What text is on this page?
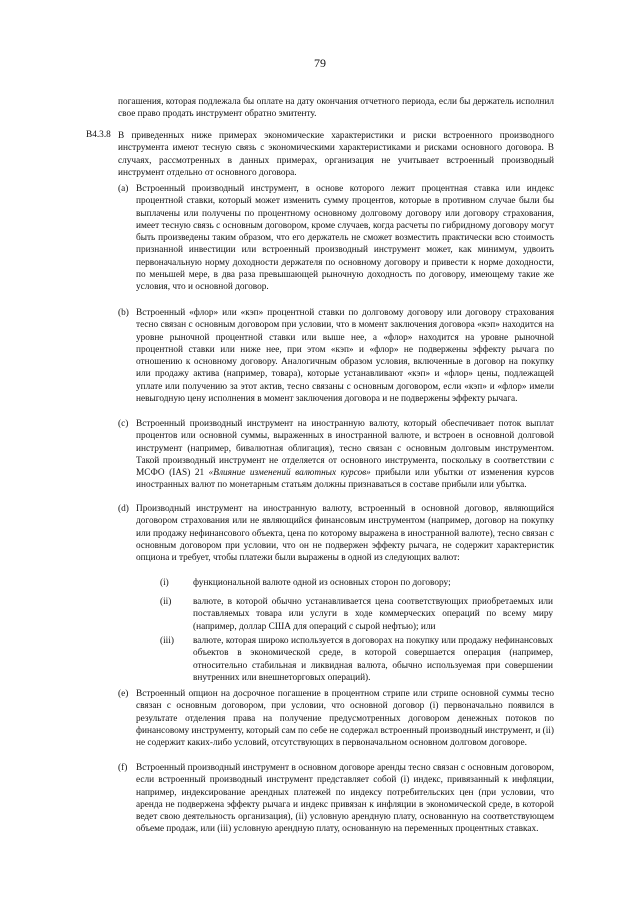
79

погашения, которая подлежала бы оплате на дату окончания отчетного периода, если бы держатель исполнил свое право продать инструмент обратно эмитенту.

B4.3.8 В приведенных ниже примерах экономические характеристики и риски встроенного производного инструмента имеют тесную связь с экономическими характеристиками и рисками основного договора. В случаях, рассмотренных в данных примерах, организация не учитывает встроенный производный инструмент отдельно от основного договора.

(a) Встроенный производный инструмент, в основе которого лежит процентная ставка или индекс процентной ставки, который может изменить сумму процентов, которые в противном случае были бы выплачены или получены по процентному основному долговому договору или договору страхования, имеет тесную связь с основным договором, кроме случаев, когда расчеты по гибридному договору могут быть произведены таким образом, что его держатель не сможет возместить практически всю стоимость признанной инвестиции или встроенный производный инструмент может, как минимум, удвоить первоначальную норму доходности держателя по основному договору и привести к норме доходности, по меньшей мере, в два раза превышающей рыночную доходность по договору, имеющему такие же условия, что и основной договор.

(b) Встроенный «флор» или «кэп» процентной ставки по долговому договору или договору страхования тесно связан с основным договором при условии, что в момент заключения договора «кэп» находится на уровне рыночной процентной ставки или выше нее, а «флор» находится на уровне рыночной процентной ставки или ниже нее, при этом «кэп» и «флор» не подвержены эффекту рычага по отношению к основному договору. Аналогичным образом условия, включенные в договор на покупку или продажу актива (например, товара), которые устанавливают «кэп» и «флор» цены, подлежащей уплате или получению за этот актив, тесно связаны с основным договором, если «кэп» и «флор» имели невыгодную цену исполнения в момент заключения договора и не подвержены эффекту рычага.

(c) Встроенный производный инструмент на иностранную валюту, который обеспечивает поток выплат процентов или основной суммы, выраженных в иностранной валюте, и встроен в основной долговой инструмент (например, бивалютная облигация), тесно связан с основным долговым инструментом. Такой производный инструмент не отделяется от основного инструмента, поскольку в соответствии с МСФО (IAS) 21 «Влияние изменений валютных курсов» прибыли или убытки от изменения курсов иностранных валют по монетарным статьям должны признаваться в составе прибыли или убытка.

(d) Производный инструмент на иностранную валюту, встроенный в основной договор, являющийся договором страхования или не являющийся финансовым инструментом (например, договор на покупку или продажу нефинансового объекта, цена по которому выражена в иностранной валюте), тесно связан с основным договором при условии, что он не подвержен эффекту рычага, не содержит характеристик опциона и требует, чтобы платежи были выражены в одной из следующих валют:

(i)	функциональной валюте одной из основных сторон по договору;

(ii) валюте, в которой обычно устанавливается цена соответствующих приобретаемых или поставляемых товара или услуги в ходе коммерческих операций по всему миру (например, доллар США для операций с сырой нефтью); или

(iii) валюте, которая широко используется в договорах на покупку или продажу нефинансовых объектов в экономической среде, в которой совершается операция (например, относительно стабильная и ликвидная валюта, обычно используемая при совершении внутренних или внешнеторговых операций).

(e) Встроенный опцион на досрочное погашение в процентном стрипе или стрипе основной суммы тесно связан с основным договором, при условии, что основной договор (i) первоначально появился в результате отделения права на получение предусмотренных договором денежных потоков по финансовому инструменту, который сам по себе не содержал встроенный производный инструмент, и (ii) не содержит каких-либо условий, отсутствующих в первоначальном основном долговом договоре.

(f) Встроенный производный инструмент в основном договоре аренды тесно связан с основным договором, если встроенный производный инструмент представляет собой (i) индекс, привязанный к инфляции, например, индексирование арендных платежей по индексу потребительских цен (при условии, что аренда не подвержена эффекту рычага и индекс привязан к инфляции в экономической среде, в которой ведет свою деятельность организация), (ii) условную арендную плату, основанную на соответствующем объеме продаж, или (iii) условную арендную плату, основанную на переменных процентных ставках.
